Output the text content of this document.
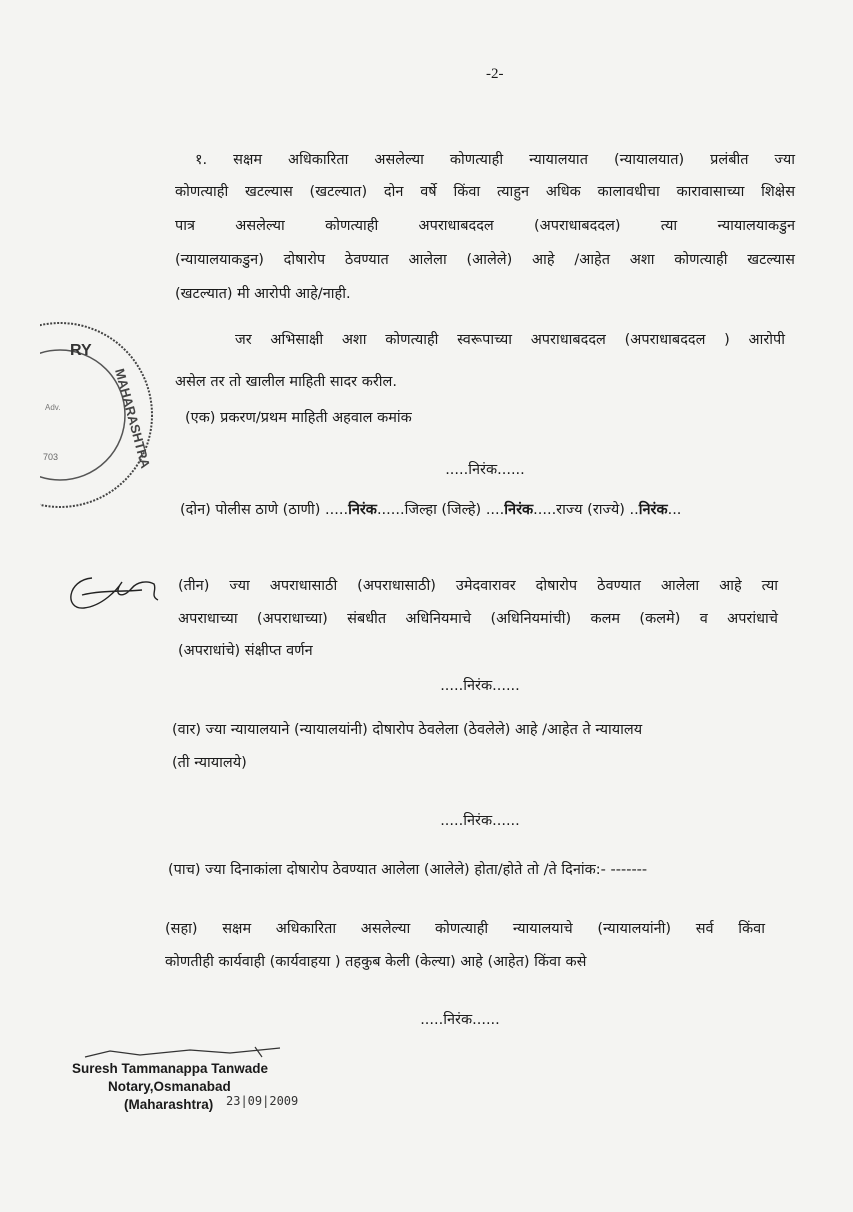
-2-
१. सक्षम अधिकारिता असलेल्या कोणत्याही न्यायालयात (न्यायालयात) प्रलंबीत ज्या
कोणत्याही खटल्यास (खटल्यात) दोन वर्षे किंवा त्याहुन अधिक कालावधीचा कारावासाच्या शिक्षेस
पात्र असलेल्या कोणत्याही अपराधाबददल (अपराधाबददल) त्या न्यायालयाकडुन
(न्यायालयाकडुन) दोषारोप ठेवण्यात आलेला (आलेले) आहे /आहेत अशा कोणत्याही खटल्यास
(खटल्यात) मी आरोपी आहे/नाही.
जर अभिसाक्षी अशा कोणत्याही स्वरूपाच्या अपराधाबददल (अपराधाबददल ) आरोपी
असेल तर तो खालील माहिती सादर करील.
(एक) प्रकरण/प्रथम माहिती अहवाल कमांक
.....निरंक......
(दोन) पोलीस ठाणे (ठाणी) .....निरंक......जिल्हा (जिल्हे) ....निरंक.....राज्य (राज्ये) ..निरंक...
(तीन) ज्या अपराधासाठी (अपराधासाठी) उमेदवारावर दोषारोप ठेवण्यात आलेला आहे त्या
अपराधाच्या (अपराधाच्या) संबधीत अधिनियमाचे (अधिनियमांची) कलम (कलमे) व अपरांधाचे
(अपराधांचे) संक्षीप्त वर्णन
.....निरंक......
(वार) ज्या न्यायालयाने (न्यायालयांनी) दोषारोप ठेवलेला (ठेवलेले) आहे /आहेत ते न्यायालय
(ती न्यायालये)
.....निरंक......
(पाच) ज्या दिनाकांला दोषारोप ठेवण्यात आलेला (आलेले) होता/होते तो /ते दिनांक:- -------
(सहा) सक्षम अधिकारिता असलेल्या कोणत्याही न्यायालयाचे (न्यायालयांनी) सर्व किंवा
कोणतीही कार्यवाही (कार्यवाहया ) तहकुब केली (केल्या) आहे (आहेत) किंवा कसे
.....निरंक......
RY
MAHARASHTRA
Adv.
703
Suresh Tammanappa Tanwade
Notary,Osmanabad
(Maharashtra) 23|09|2009
